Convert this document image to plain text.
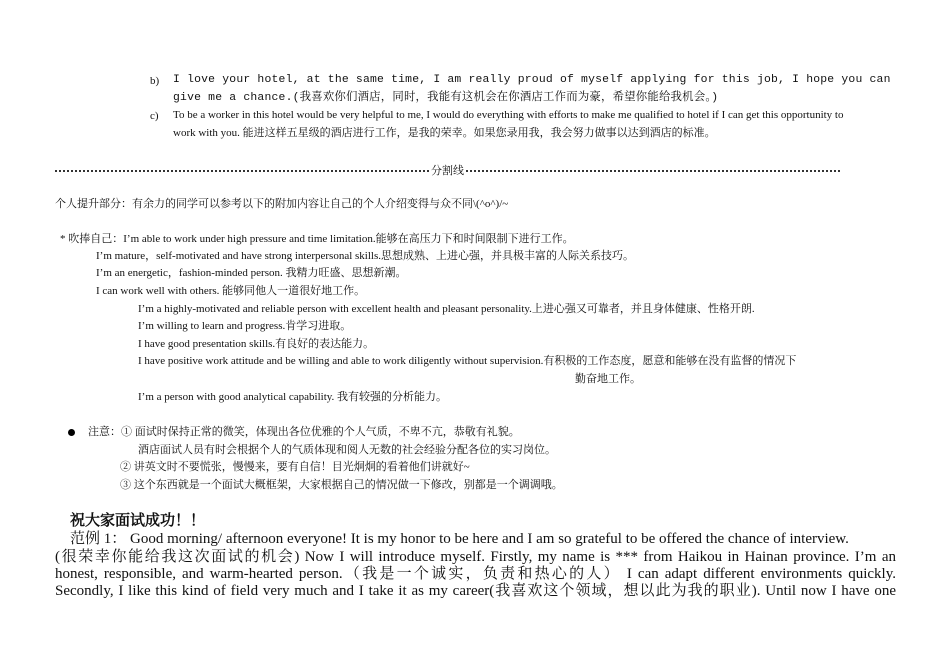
b) I love your hotel, at the same time, I am really proud of myself applying for this job, I hope you can
give me a chance.(我喜欢你们酒店，同时，我能有这机会在你酒店工作而为豪，希望你能给我机会。)
c) To be a worker in this hotel would be very helpful to me, I would do everything with efforts to make me qualified to hotel if I can get this opportunity to
work with you. 能进这样五星级的酒店进行工作，是我的荣幸。如果您录用我，我会努力做事以达到酒店的标准。
分割线
个人提升部分：有余力的同学可以参考以下的附加内容让自己的个人介绍变得与众不同\(^o^)/~
* 吹捧自己：I’m able to work under high pressure and time limitation.能够在高压力下和时间限制下进行工作。
I’m mature，self-motivated and have strong interpersonal skills.思想成熟、上进心强，并具极丰富的人际关系技巧。
I’m an energetic，fashion-minded person. 我精力旺盛、思想新潮。
I can work well with others. 能够同他人一道很好地工作。
I’m a highly-motivated and reliable person with excellent health and pleasant personality.上进心强又可靠者，并且身体健康、性格开朗.
I’m willing to learn and progress.肯学习进取。
I have good presentation skills.有良好的表达能力。
I have positive work attitude and be willing and able to work diligently without supervision.有积极的工作态度，愿意和能够在没有监督的情况下
勤奋地工作。
I’m a person with good analytical capability. 我有较强的分析能力。
注意：① 面试时保持正常的微笑，体现出各位优雅的个人气质，不卑不亢，恭敬有礼貌。
酒店面试人员有时会根据个人的气质体现和阅人无数的社会经验分配各位的实习岗位。
② 讲英文时不要慌张，慢慢来，要有自信！目光炯炯的看着他们讲就好~
③ 这个东西就是一个面试大概框架，大家根据自己的情况做一下修改，别都是一个调调哦。
祝大家面试成功！！
范例 1： Good morning/ afternoon everyone! It is my honor to be here and I am so grateful to be offered the chance of interview.
(很荣幸你能给我这次面试的机会) Now I will introduce myself. Firstly, my name is *** from Haikou in Hainan province. I’m an
honest, responsible, and warm-hearted person.（我是一个诚实，负责和热心的人） I can adapt different environments quickly.
Secondly, I like this kind of field very much and I take it as my career(我喜欢这个领域，想以此为我的职业). Until now I have one
